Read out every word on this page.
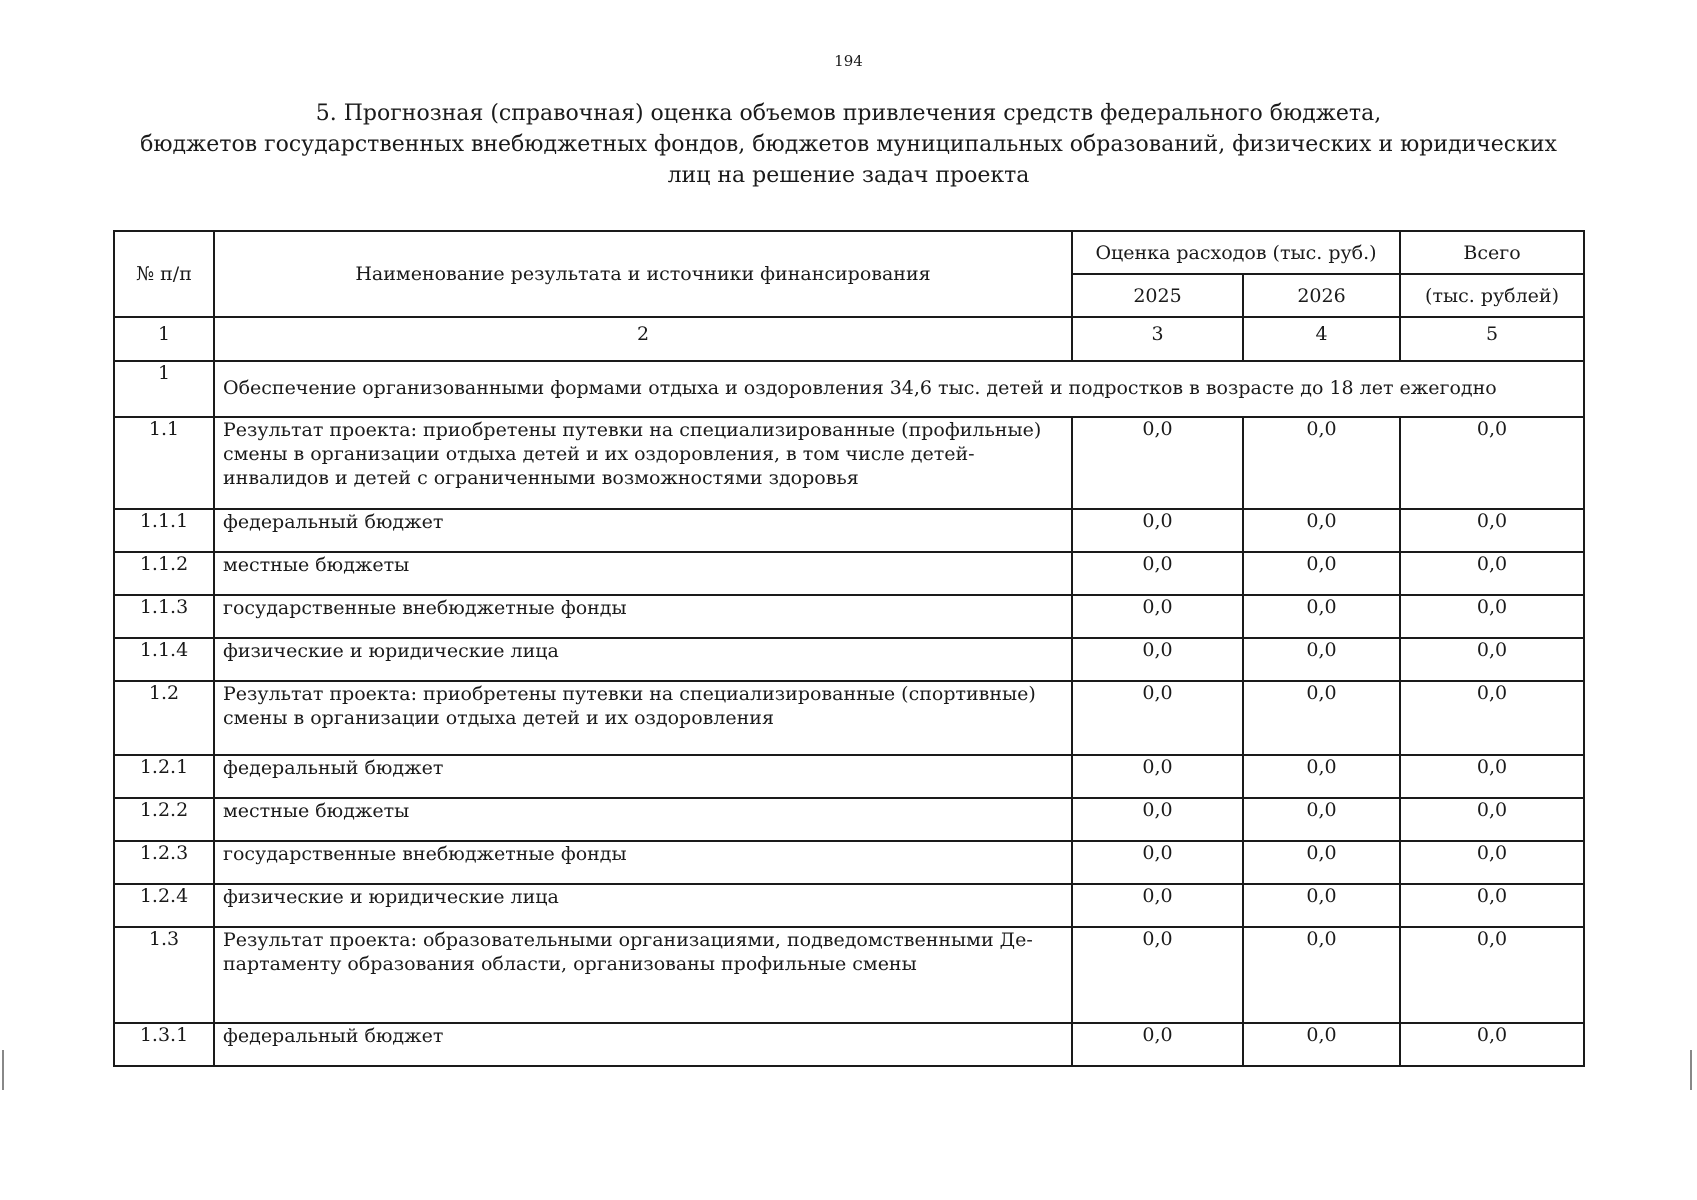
194
5. Прогнозная (справочная) оценка объемов привлечения средств федерального бюджета,
бюджетов государственных внебюджетных фондов, бюджетов муниципальных образований, физических и юридических
лиц на решение задач проекта
№ п/п	Наименование результата и источники финансирования	Оценка расходов (тыс. руб.)		Всего
		2025	2026	(тыс. рублей)
1	2	3	4	5
1	Обеспечение организованными формами отдыха и оздоровления 34,6 тыс. детей и подростков в возрасте до 18 лет ежегодно			
1.1	Результат проекта: приобретены путевки на специализированные (профильные)
смены в организации отдыха детей и их оздоровления, в том числе детей-
инвалидов и детей с ограниченными возможностями здоровья	0,0	0,0	0,0
1.1.1	федеральный бюджет	0,0	0,0	0,0
1.1.2	местные бюджеты	0,0	0,0	0,0
1.1.3	государственные внебюджетные фонды	0,0	0,0	0,0
1.1.4	физические и юридические лица	0,0	0,0	0,0
1.2	Результат проекта: приобретены путевки на специализированные (спортивные)
смены в организации отдыха детей и их оздоровления	0,0	0,0	0,0
1.2.1	федеральный бюджет	0,0	0,0	0,0
1.2.2	местные бюджеты	0,0	0,0	0,0
1.2.3	государственные внебюджетные фонды	0,0	0,0	0,0
1.2.4	физические и юридические лица	0,0	0,0	0,0
1.3	Результат проекта: образовательными организациями, подведомственными Де-
партаменту образования области, организованы профильные смены	0,0	0,0	0,0
1.3.1	федеральный бюджет	0,0	0,0	0,0
